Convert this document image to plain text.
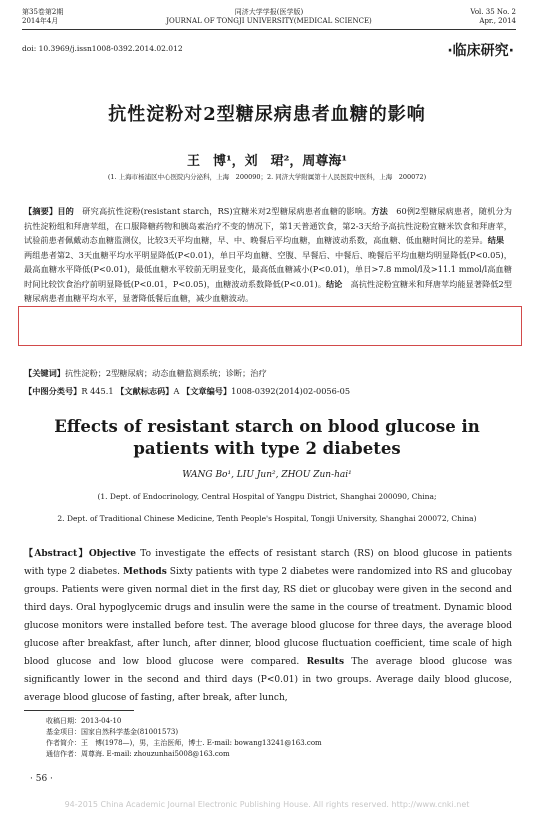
第35卷第2期
2014年4月
同济大学学报(医学版)
JOURNAL OF TONGJI UNIVERSITY(MEDICAL SCIENCE)
Vol. 35 No. 2
Apr., 2014
doi: 10.3969/j.issn1008-0392.2014.02.012	·临床研究·
抗性淀粉对2型糖尿病患者血糖的影响
王　博¹，刘　珺²，周尊海¹
(1. 上海市杨浦区中心医院内分泌科，上海　200090；2. 同济大学附属第十人民医院中医科，上海　200072)
【摘要】目的　研究高抗性淀粉(resistant starch，RS)宜糖米对2型糖尿病患者血糖的影响。方法　60例2型糖尿病患者，随机分为抗性淀粉组和拜唐苹组，在口服降糖药物和胰岛素治疗不变的情况下，第1天普通饮食，第2-3天给予高抗性淀粉宜糖米饮食和拜唐苹，试验前患者佩戴动态血糖监测仪，比较3天平均血糖，早、中、晚餐后平均血糖，血糖波动系数，高血糖、低血糖时间比的差异。结果　两组患者第2、3天血糖平均水平明显降低(P<0.01)，单日平均血糖、空腹、早餐后、中餐后、晚餐后平均血糖均明显降低(P<0.05)，最高血糖水平降低(P<0.01)，最低血糖水平较前无明显变化，最高低血糖减小(P<0.01)，单日>7.8 mmol/l及>11.1 mmol/l高血糖时间比较饮食治疗前明显降低(P<0.01，P<0.05)，血糖波动系数降低(P<0.01)。结论　高抗性淀粉宜糖米和拜唐苹均能显著降低2型糖尿病患者血糖平均水平，显著降低餐后血糖，减少血糖波动。
【关键词】抗性淀粉；2型糖尿病；动态血糖监测系统；诊断；治疗
【中图分类号】R 445.1 【文献标志码】A 【文章编号】1008-0392(2014)02-0056-05
Effects of resistant starch on blood glucose in
patients with type 2 diabetes
WANG Bo¹, LIU Jun², ZHOU Zun-hai¹
(1. Dept. of Endocrinology, Central Hospital of Yangpu District, Shanghai 200090, China;
2. Dept. of Traditional Chinese Medicine, Tenth People's Hospital, Tongji University, Shanghai 200072, China)
【Abstract】Objective To investigate the effects of resistant starch (RS) on blood glucose in patients with type 2 diabetes. Methods Sixty patients with type 2 diabetes were randomized into RS and glucobay groups. Patients were given normal diet in the first day, RS diet or glucobay were given in the second and third days. Oral hypoglycemic drugs and insulin were the same in the course of treatment. Dynamic blood glucose monitors were installed before test. The average blood glucose for three days, the average blood glucose after breakfast, after lunch, after dinner, blood glucose fluctuation coefficient, time scale of high blood glucose and low blood glucose were compared. Results The average blood glucose was significantly lower in the second and third days (P<0.01) in two groups. Average daily blood glucose, average blood glucose of fasting, after break, after lunch,
收稿日期：2013-04-10
基金项目：国家自然科学基金(81001573)
作者简介：王　博(1978—)，男，主治医师，博士. E-mail: bowang13241@163.com
通信作者：周尊海. E-mail: zhouzunhai5008@163.com
· 56 ·
94-2015 China Academic Journal Electronic Publishing House. All rights reserved. http://www.cnki.net
